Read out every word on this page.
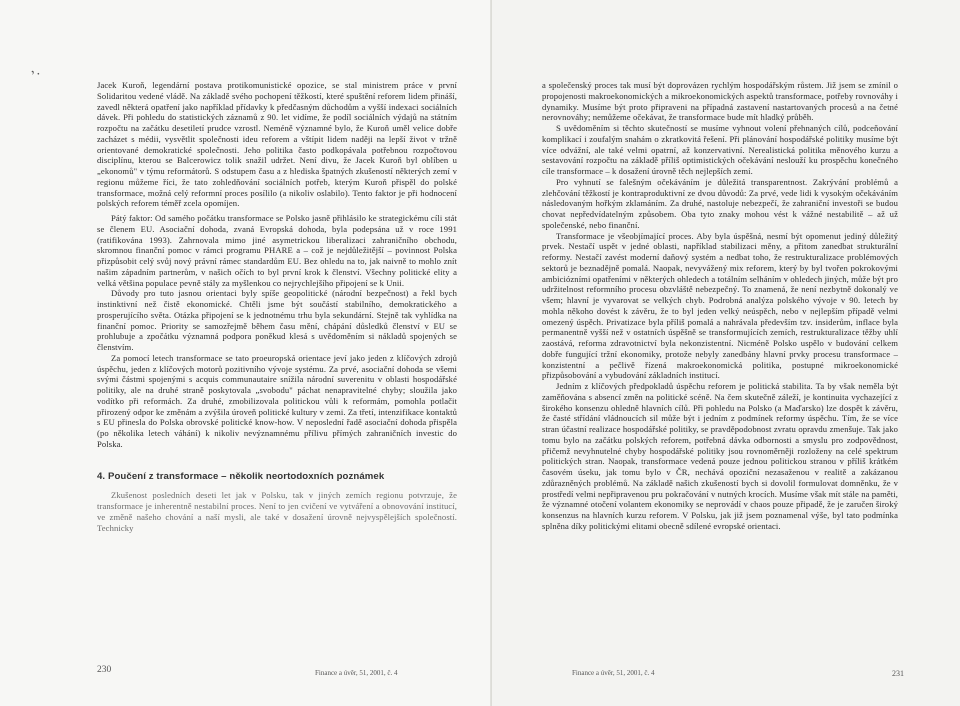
’·

Jacek Kuroň, legendární postava protikomunistické opozice, se stal ministrem práce v první Solidaritou vedené vládě. Na základě svého pochopení těžkostí, které spuštění reforem lidem přináší, zavedl některá opatření jako například přídavky k předčasným důchodům a vyšší indexaci sociálních dávek. Při pohledu do statistických záznamů z 90. let vidíme, že podíl sociálních výdajů na státním rozpočtu na začátku desetiletí prudce vzrostl. Neméně významné bylo, že Kuroň uměl velice dobře zacházet s médii, vysvětlit společnosti ideu reforem a vštípit lidem naději na lepší život v tržně orientované demokratické společnosti. Jeho politika často podkopávala potřebnou rozpočtovou disciplínu, kterou se Balcerowicz tolik snažil udržet. Není divu, že Jacek Kuroň byl oblíben u „ekonomů" v týmu reformátorů. S odstupem času a z hlediska špatných zkušeností některých zemí v regionu můžeme říci, že tato zohledňování sociálních potřeb, kterým Kuroň přispěl do polské transformace, možná celý reformní proces posílilo (a nikoliv oslabilo). Tento faktor je při hodnocení polských reforem téměř zcela opomíjen.

Pátý faktor: Od samého počátku transformace se Polsko jasně přihlásilo ke strategickému cíli stát se členem EU. Asociační dohoda, zvaná Evropská dohoda, byla podepsána už v roce 1991 (ratifikována 1993). Zahrnovala mimo jiné asymetrickou liberalizaci zahraničního obchodu, skromnou finanční pomoc v rámci programu PHARE a – což je nejdůležitější – povinnost Polska přizpůsobit celý svůj nový právní rámec standardům EU. Bez ohledu na to, jak naivně to mohlo znít našim západním partnerům, v našich očích to byl první krok k členství. Všechny politické elity a velká většina populace pevně stály za myšlenkou co nejrychlejšího připojení se k Unii.

Důvody pro tuto jasnou orientaci byly spíše geopolitické (národní bezpečnost) a řekl bych instinktivní než čistě ekonomické. Chtěli jsme být součástí stabilního, demokratického a prosperujícího světa. Otázka připojení se k jednotnému trhu byla sekundární. Stejně tak vyhlídka na finanční pomoc. Priority se samozřejmě během času mění, chápání důsledků členství v EU se prohlubuje a zpočátku významná podpora poněkud klesá s uvědoměním si nákladů spojených se členstvím.

Za pomocí letech transformace se tato proeuropská orientace jeví jako jeden z klíčových zdrojů úspěchu, jeden z klíčových motorů pozitivního vývoje systému. Za prvé, asociační dohoda se všemi svými částmi spojenými s acquis communautaire snížila národní suverenitu v oblasti hospodářské politiky, ale na druhé straně poskytovala „svobodu" páchat nenapravitelné chyby; sloužila jako vodítko při reformách. Za druhé, zmobilizovala politickou vůli k reformám, pomohla potlačit přirozený odpor ke změnám a zvýšila úroveň politické kultury v zemi. Za třetí, intenzifikace kontaktů s EU přinesla do Polska obrovské politické know-how. V neposlední řadě asociační dohoda přispěla (po několika letech váhání) k nikoliv nevýznamnému přílivu přímých zahraničních investic do Polska.

4. Poučení z transformace – několik neortodoxních poznámek

Zkušenost posledních deseti let jak v Polsku, tak v jiných zemích regionu potvrzuje, že transformace je inherentně nestabilní proces. Není to jen cvičení ve vytváření a obnovování institucí, ve změně našeho chování a naší mysli, ale také v dosažení úrovně nejvyspělejších společností. Technicky

230	Finance a úvěr, 51, 2001, č. 4

a společenský proces tak musí být doprovázen rychlým hospodářským růstem. Již jsem se zmínil o propojenosti makroekonomických a mikroekonomických aspektů transformace, potřeby rovnováhy i dynamiky. Musíme být proto připraveni na případná zastavení nastartovaných procesů a na četné nerovnováhy; nemůžeme očekávat, že transformace bude mít hladký průběh.

S uvědoměním si těchto skutečností se musíme vyhnout volení přehnaných cílů, podceňování komplikací i zoufalým snahám o zkratkovitá řešení. Při plánování hospodářské politiky musíme být více odvážní, ale také velmi opatrní, až konzervativní. Nerealistická politika měnového kurzu a sestavování rozpočtu na základě příliš optimistických očekávání neslouží ku prospěchu konečného cíle transformace – k dosažení úrovně těch nejlepších zemí.

Pro vyhnutí se falešným očekáváním je důležitá transparentnost. Zakrývání problémů a zlehčování těžkostí je kontraproduktivní ze dvou důvodů: Za prvé, vede lidi k vysokým očekáváním následovaným hořkým zklamáním. Za druhé, nastoluje nebezpečí, že zahraniční investoři se budou chovat nepředvídatelným způsobem. Oba tyto znaky mohou vést k vážné nestabilitě – až už společenské, nebo finanční.

Transformace je všeobjímající proces. Aby byla úspěšná, nesmí být opomenut jediný důležitý prvek. Nestačí uspět v jedné oblasti, například stabilizaci měny, a přitom zanedbat strukturální reformy. Nestačí zavést moderní daňový systém a nedbat toho, že restrukturalizace problémových sektorů je beznadějně pomalá. Naopak, nevyvážený mix reforem, který by byl tvořen pokrokovými ambiciózními opatřeními v některých ohledech a totálním selháním v ohledech jiných, může být pro udržitelnost reformního procesu obzvláště nebezpečný. To znamená, že není nezbytně dokonalý ve všem; hlavní je vyvarovat se velkých chyb. Podrobná analýza polského vývoje v 90. letech by mohla někoho dovést k závěru, že to byl jeden velký neúspěch, nebo v nejlepším případě velmi omezený úspěch. Privatizace byla příliš pomalá a nahrávala především tzv. insiderům, inflace byla permanentně vyšší než v ostatních úspěšně se transformujících zemích, restrukturalizace těžby uhlí zaostává, reforma zdravotnictví byla nekonzistentní. Nicméně Polsko uspělo v budování celkem dobře fungující tržní ekonomiky, protože nebyly zanedbány hlavní prvky procesu transformace – konzistentní a pečlivě řízená makroekonomická politika, postupné mikroekonomické přizpůsobování a vybudování základních institucí.

Jedním z klíčových předpokladů úspěchu reforem je politická stabilita. Ta by však neměla být zaměňována s absencí změn na politické scéně. Na čem skutečně záleží, je kontinuita vychazející z širokého konsenzu ohledně hlavních cílů. Při pohledu na Polsko (a Maďarsko) lze dospět k závěru, že časté střídání vládnoucích sil může být i jedním z podmínek reformy úspěchu. Tím, že se více stran účastní realizace hospodářské politiky, se pravděpodobnost zvratu opravdu zmenšuje. Tak jako tomu bylo na začátku polských reforem, potřebná dávka odbornosti a smyslu pro zodpovědnost, přičemž nevyhnutelné chyby hospodářské politiky jsou rovnoměrněji rozloženy na celé spektrum politických stran. Naopak, transformace vedená pouze jednou politickou stranou v příliš krátkém časovém úseku, jak tomu bylo v ČR, nechává opoziční nezasaženou v realitě a zakázanou zdůrazněných problémů. Na základě našich zkušeností bych si dovolil formulovat domněnku, že v prostředí velmi nepřipravenou pru pokračování v nutných krocích. Musíme však mít stále na paměti, že významné otočení volantem ekonomiky se neprovádí v chaos pouze připadě, že je zaručen široký konsenzus na hlavních kurzu reforem. V Polsku, jak již jsem poznamenal výše, byl tato podmínka splněna díky politickými elitami obecně sdílené evropské orientaci.

Finance a úvěr, 51, 2001, č. 4	231
